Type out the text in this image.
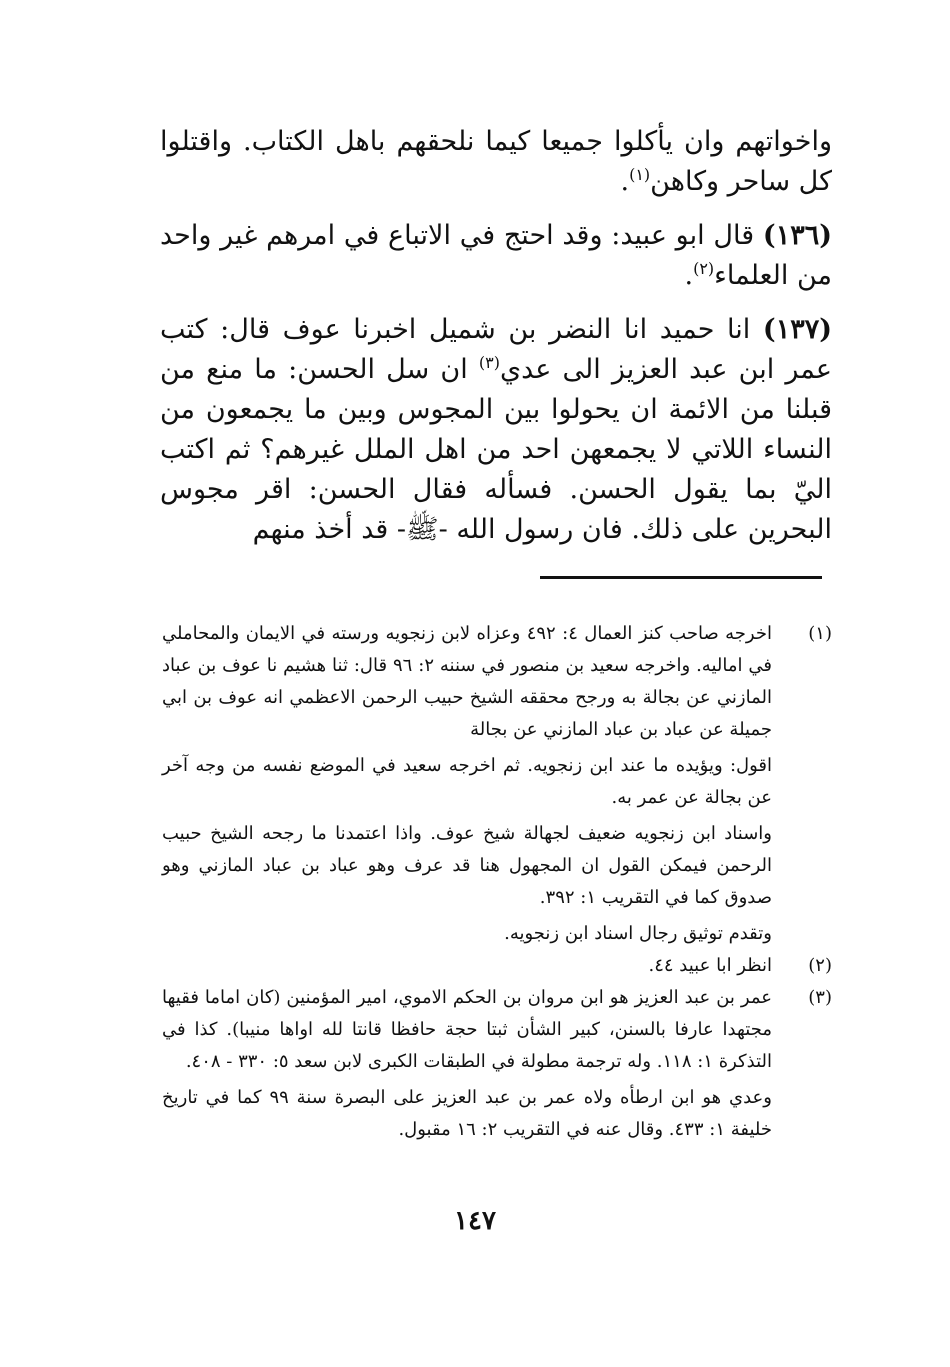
واخواتهم وان يأكلوا جميعا كيما نلحقهم باهل الكتاب. واقتلوا كل ساحر وكاهن$^{(١)}$.

(١٣٦) قال ابو عبيد: وقد احتج في الاتباع في امرهم غير واحد من العلماء$^{(٢)}$.

(١٣٧) انا حميد انا النضر بن شميل اخبرنا عوف قال: كتب عمر ابن عبد العزيز الى عدي$^{(٣)}$ ان سل الحسن: ما منع من قبلنا من الائمة ان يحولوا بين المجوس وبين ما يجمعون من النساء اللاتي لا يجمعهن احد من اهل الملل غيرهم؟ ثم اكتب اليّ بما يقول الحسن. فسأله فقال الحسن: اقر مجوس البحرين على ذلك. فان رسول الله -ﷺ- قد أخذ منهم

(١)
اخرجه صاحب كنز العمال ٤: ٤٩٢ وعزاه لابن زنجويه ورسته في الايمان والمحاملي في اماليه. واخرجه سعيد بن منصور في سننه ٢: ٩٦ قال: ثنا هشيم نا عوف بن عباد المازني عن بجالة به ورجح محققه الشيخ حبيب الرحمن الاعظمي انه عوف بن ابي جميلة عن عباد بن عباد المازني عن بجالة
اقول: ويؤيده ما عند ابن زنجويه. ثم اخرجه سعيد في الموضع نفسه من وجه آخر عن بجالة عن عمر به.
واسناد ابن زنجويه ضعيف لجهالة شيخ عوف. واذا اعتمدنا ما رجحه الشيخ حبيب الرحمن فيمكن القول ان المجهول هنا قد عرف وهو عباد بن عباد المازني وهو صدوق كما في التقريب ١: ٣٩٢.
وتقدم توثيق رجال اسناد ابن زنجويه.
(٢)
انظر ابا عبيد ٤٤.
(٣)
عمر بن عبد العزيز هو ابن مروان بن الحكم الاموي، امير المؤمنين (كان اماما فقيها مجتهدا عارفا بالسنن، كبير الشأن ثبتا حجة حافظا قانتا لله اواها منيبا). كذا في التذكرة ١: ١١٨. وله ترجمة مطولة في الطبقات الكبرى لابن سعد ٥: ٣٣٠ - ٤٠٨.
وعدي هو ابن ارطأه ولاه عمر بن عبد العزيز على البصرة سنة ٩٩ كما في تاريخ خليفة ١: ٤٣٣. وقال عنه في التقريب ٢: ١٦ مقبول.
١٤٧
